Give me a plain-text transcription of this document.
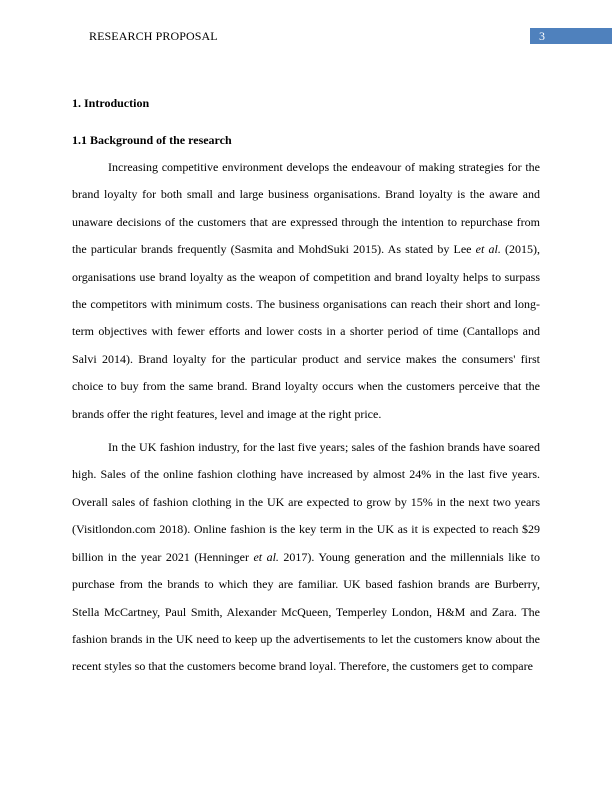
RESEARCH PROPOSAL	3

1. Introduction

1.1 Background of the research

Increasing competitive environment develops the endeavour of making strategies for the brand loyalty for both small and large business organisations. Brand loyalty is the aware and unaware decisions of the customers that are expressed through the intention to repurchase from the particular brands frequently (Sasmita and MohdSuki 2015). As stated by Lee et al. (2015), organisations use brand loyalty as the weapon of competition and brand loyalty helps to surpass the competitors with minimum costs. The business organisations can reach their short and long-term objectives with fewer efforts and lower costs in a shorter period of time (Cantallops and Salvi 2014). Brand loyalty for the particular product and service makes the consumers' first choice to buy from the same brand. Brand loyalty occurs when the customers perceive that the brands offer the right features, level and image at the right price.

In the UK fashion industry, for the last five years; sales of the fashion brands have soared high. Sales of the online fashion clothing have increased by almost 24% in the last five years. Overall sales of fashion clothing in the UK are expected to grow by 15% in the next two years (Visitlondon.com 2018). Online fashion is the key term in the UK as it is expected to reach $29 billion in the year 2021 (Henninger et al. 2017). Young generation and the millennials like to purchase from the brands to which they are familiar. UK based fashion brands are Burberry, Stella McCartney, Paul Smith, Alexander McQueen, Temperley London, H&M and Zara. The fashion brands in the UK need to keep up the advertisements to let the customers know about the recent styles so that the customers become brand loyal. Therefore, the customers get to compare
